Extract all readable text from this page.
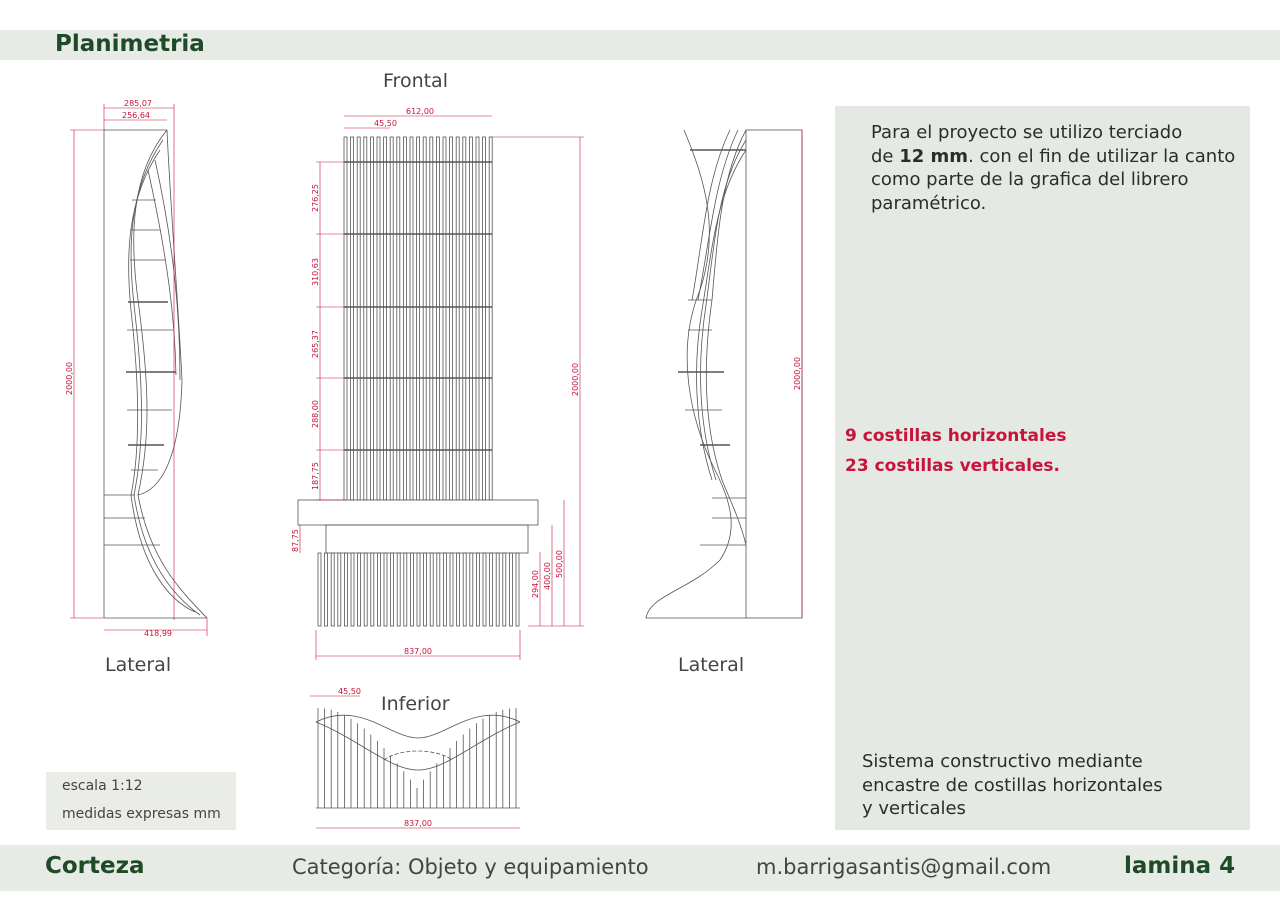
Planimetria
285,07
256,64
2000,00
418,99
612,00
45,50
276,25
310,63
265,37
288,00
187,75
87,75
2000,00
294,00 400,00 500,00
837,00
2000,00
45,50
837,00
Frontal
Lateral	Lateral
Inferior
Para el proyecto se utilizo terciado
de 12 mm. con el fin de utilizar la canto
como parte de la grafica del librero
paramétrico.
9 costillas horizontales
23 costillas verticales.
Sistema constructivo mediante
encastre de costillas horizontales
y verticales
escala 1:12
medidas expresas mm
Corteza	Categoría: Objeto y equipamiento	m.barrigasantis@gmail.com	lamina 4
